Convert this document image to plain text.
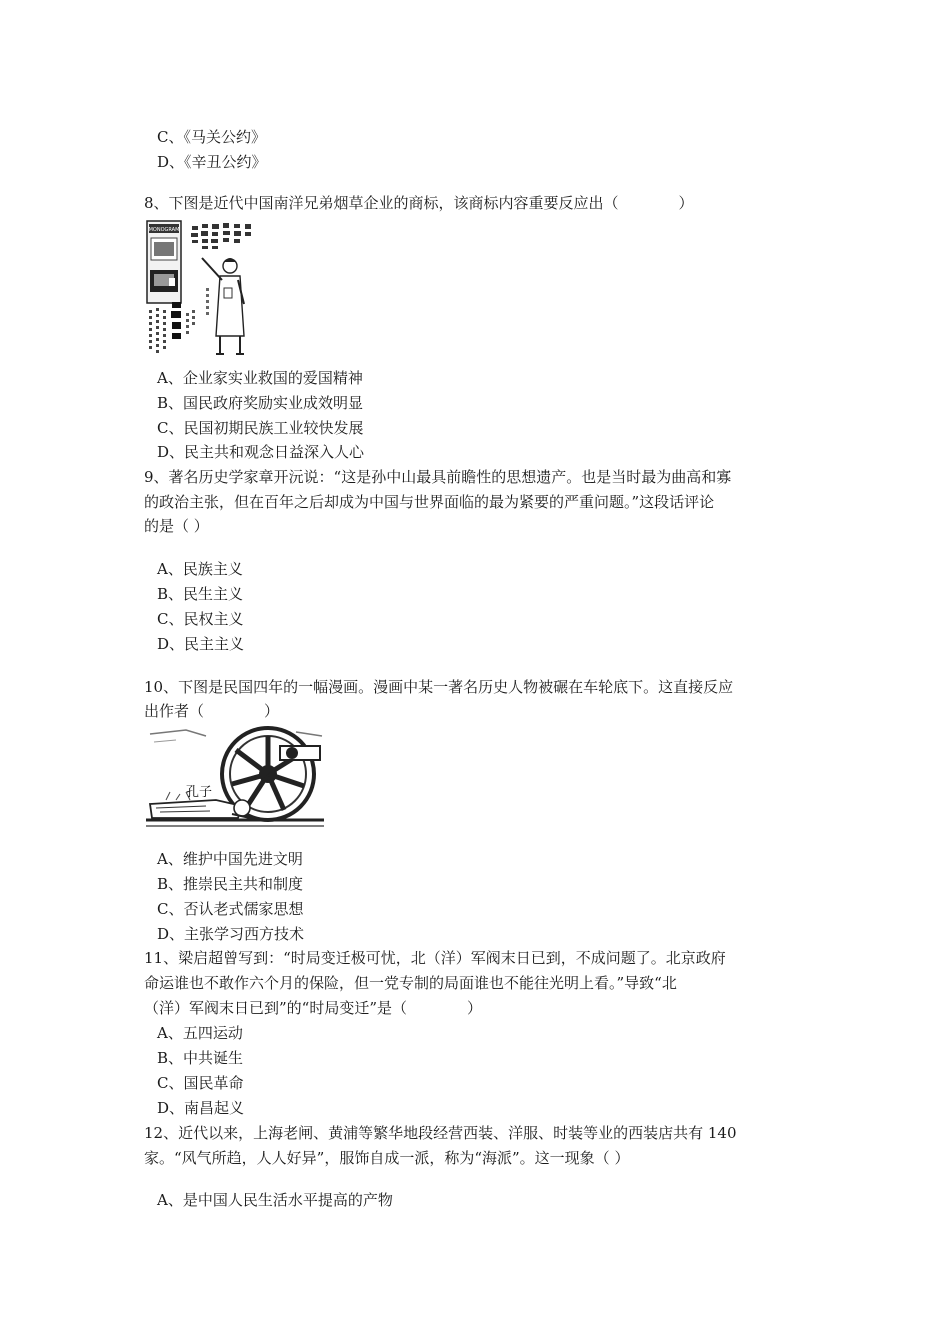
C、《马关公约》
D、《辛丑公约》
8、下图是近代中国南洋兄弟烟草企业的商标，该商标内容重要反应出（　　　　）
MONOGRAM
A、企业家实业救国的爱国精神
B、国民政府奖励实业成效明显
C、民国初期民族工业较快发展
D、民主共和观念日益深入人心
9、著名历史学家章开沅说：“这是孙中山最具前瞻性的思想遗产。也是当时最为曲高和寡
的政治主张，但在百年之后却成为中国与世界面临的最为紧要的严重问题。”这段话评论
的是（ ）
A、民族主义
B、民生主义
C、民权主义
D、民主主义
10、下图是民国四年的一幅漫画。漫画中某一著名历史人物被碾在车轮底下。这直接反应
出作者（　　　　）
孔子
A、维护中国先进文明
B、推崇民主共和制度
C、否认老式儒家思想
D、主张学习西方技术
11、梁启超曾写到：“时局变迁极可忧，北（洋）军阀末日已到，不成问题了。北京政府
命运谁也不敢作六个月的保险，但一党专制的局面谁也不能往光明上看。”导致“北
（洋）军阀末日已到”的“时局变迁”是（　　　　）
A、五四运动
B、中共诞生
C、国民革命
D、南昌起义
12、近代以来，上海老闸、黄浦等繁华地段经营西装、洋服、时装等业的西装店共有 140
家。“风气所趋，人人好异”，服饰自成一派，称为“海派”。这一现象（ ）
A、是中国人民生活水平提高的产物
